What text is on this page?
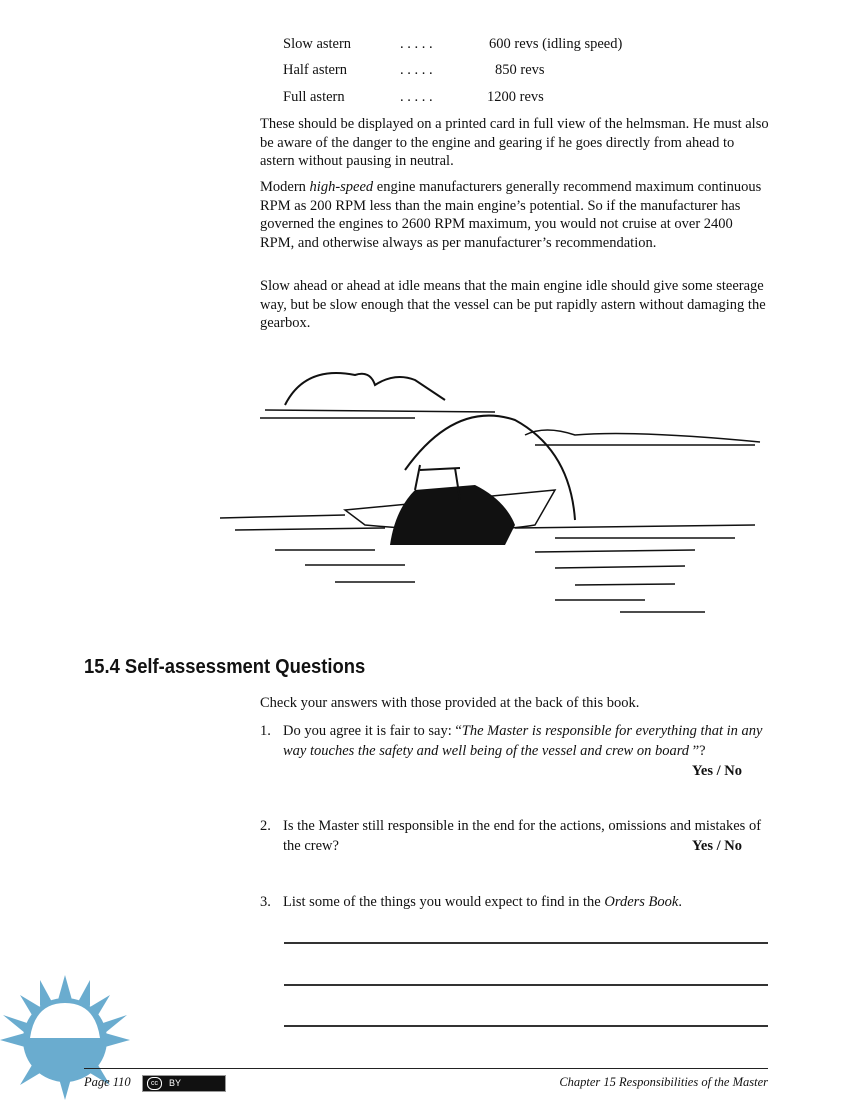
Slow astern	. . . . .	600 revs (idling speed)
Half astern	. . . . .	850 revs
Full astern	. . . . .	1200 revs

These should be displayed on a printed card in full view of the helmsman. He must also be aware of the danger to the engine and gearing if he goes directly from ahead to astern without pausing in neutral.

Modern high-speed engine manufacturers generally recommend maximum continuous RPM as 200 RPM less than the main engine’s potential. So if the manufacturer has governed the engines to 2600 RPM maximum, you would not cruise at over 2400 RPM, and otherwise always as per manufacturer’s recommendation.

Slow ahead or ahead at idle means that the main engine idle should give some steerage way, but be slow enough that the vessel can be put rapidly astern without damaging the gearbox.

15.4 Self-assessment Questions

Check your answers with those provided at the back of this book.

1. Do you agree it is fair to say: “The Master is responsible for everything that in any way touches the safety and well being of the vessel and crew on board ”?
Yes / No
2. Is the Master still responsible in the end for the actions, omissions and mistakes of the crew?	Yes / No
3. List some of the things you would expect to find in the Orders Book.
Page 110	cc	BY	Chapter 15 Responsibilities of the Master
